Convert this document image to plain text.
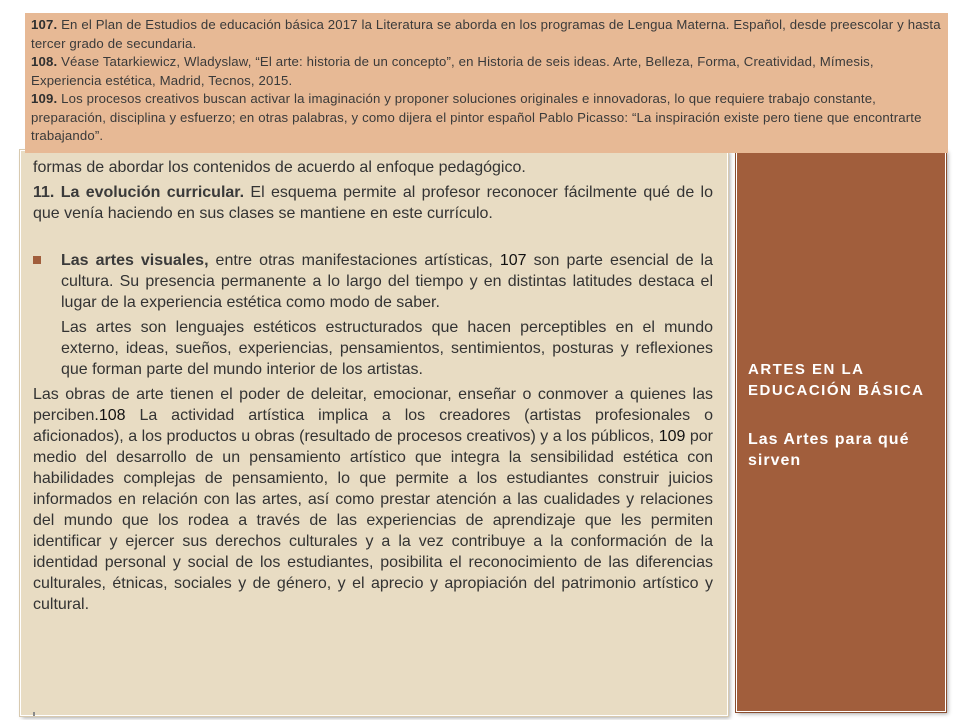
formas de abordar los contenidos de acuerdo al enfoque pedagógico.

11. La evolución curricular. El esquema permite al profesor reconocer fácilmente qué de lo que venía haciendo en sus clases se mantiene en este currículo.

Las artes visuales, entre otras manifestaciones artísticas, 107 son parte esencial de la cultura. Su presencia permanente a lo largo del tiempo y en distintas latitudes destaca el lugar de la experiencia estética como modo de saber.

Las artes son lenguajes estéticos estructurados que hacen perceptibles en el mundo externo, ideas, sueños, experiencias, pensamientos, sentimientos, posturas y reflexiones que forman parte del mundo interior de los artistas.

Las obras de arte tienen el poder de deleitar, emocionar, enseñar o conmover a quienes las perciben.108 La actividad artística implica a los creadores (artistas profesionales o aficionados), a los productos u obras (resultado de procesos creativos) y a los públicos, 109 por medio del desarrollo de un pensamiento artístico que integra la sensibilidad estética con habilidades complejas de pensamiento, lo que permite a los estudiantes construir juicios informados en relación con las artes, así como prestar atención a las cualidades y relaciones del mundo que los rodea a través de las experiencias de aprendizaje que les permiten identificar y ejercer sus derechos culturales y a la vez contribuye a la conformación de la identidad personal y social de los estudiantes, posibilita el reconocimiento de las diferencias culturales, étnicas, sociales y de género, y el aprecio y apropiación del patrimonio artístico y cultural.

ARTES EN LA EDUCACIÓN BÁSICA
Las Artes para qué sirven

107. En el Plan de Estudios de educación básica 2017 la Literatura se aborda en los programas de Lengua Materna. Español, desde preescolar y hasta tercer grado de secundaria.

108. Véase Tatarkiewicz, Wladyslaw, “El arte: historia de un concepto”, en Historia de seis ideas. Arte, Belleza, Forma, Creatividad, Mímesis, Experiencia estética, Madrid, Tecnos, 2015.

109. Los procesos creativos buscan activar la imaginación y proponer soluciones originales e innovadoras, lo que requiere trabajo constante, preparación, disciplina y esfuerzo; en otras palabras, y como dijera el pintor español Pablo Picasso: “La inspiración existe pero tiene que encontrarte trabajando”.
